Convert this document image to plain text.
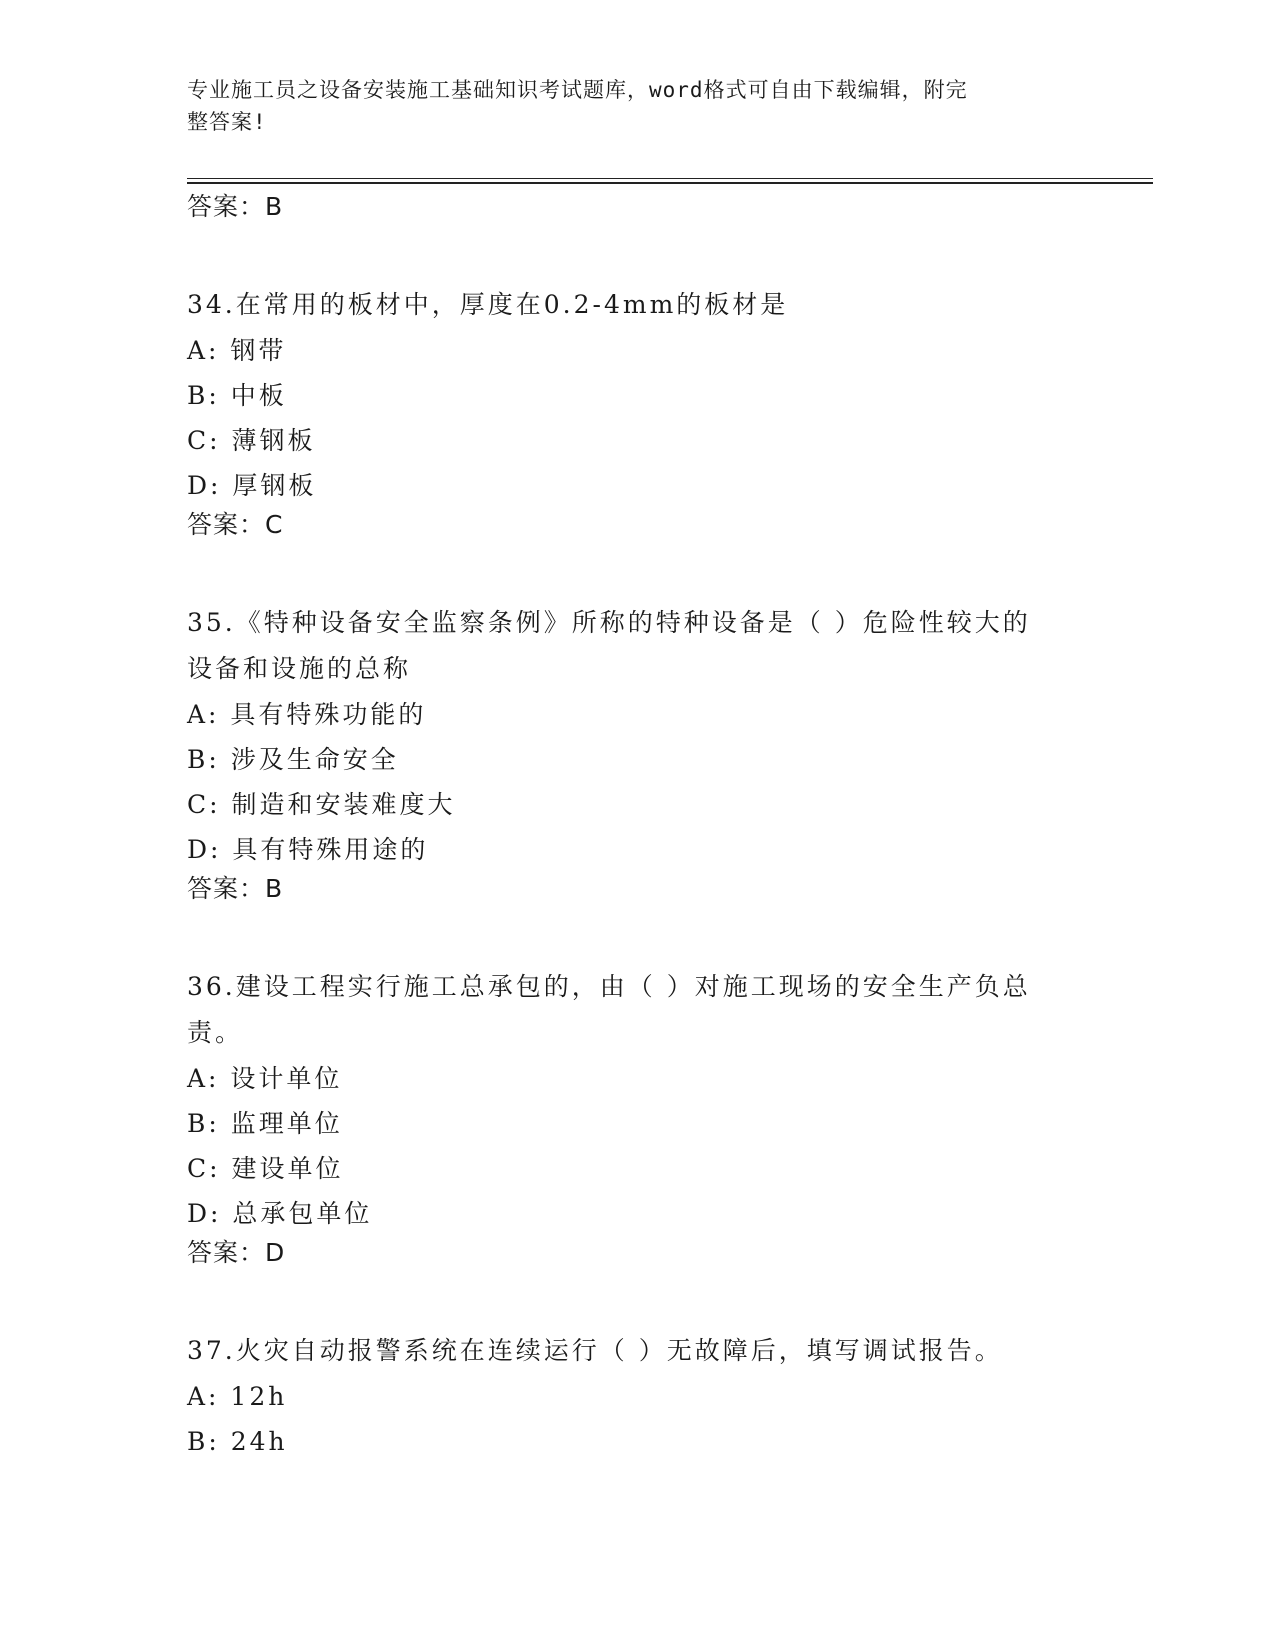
专业施工员之设备安装施工基础知识考试题库，word格式可自由下载编辑，附完
整答案!
答案：B
34.在常用的板材中，厚度在0.2-4mm的板材是
A: 钢带
B: 中板
C: 薄钢板
D: 厚钢板
答案：C
35.《特种设备安全监察条例》所称的特种设备是（ ）危险性较大的
设备和设施的总称
A: 具有特殊功能的
B: 涉及生命安全
C: 制造和安装难度大
D: 具有特殊用途的
答案：B
36.建设工程实行施工总承包的，由（ ）对施工现场的安全生产负总
责。
A: 设计单位
B: 监理单位
C: 建设单位
D: 总承包单位
答案：D
37.火灾自动报警系统在连续运行（ ）无故障后，填写调试报告。
A: 12h
B: 24h
